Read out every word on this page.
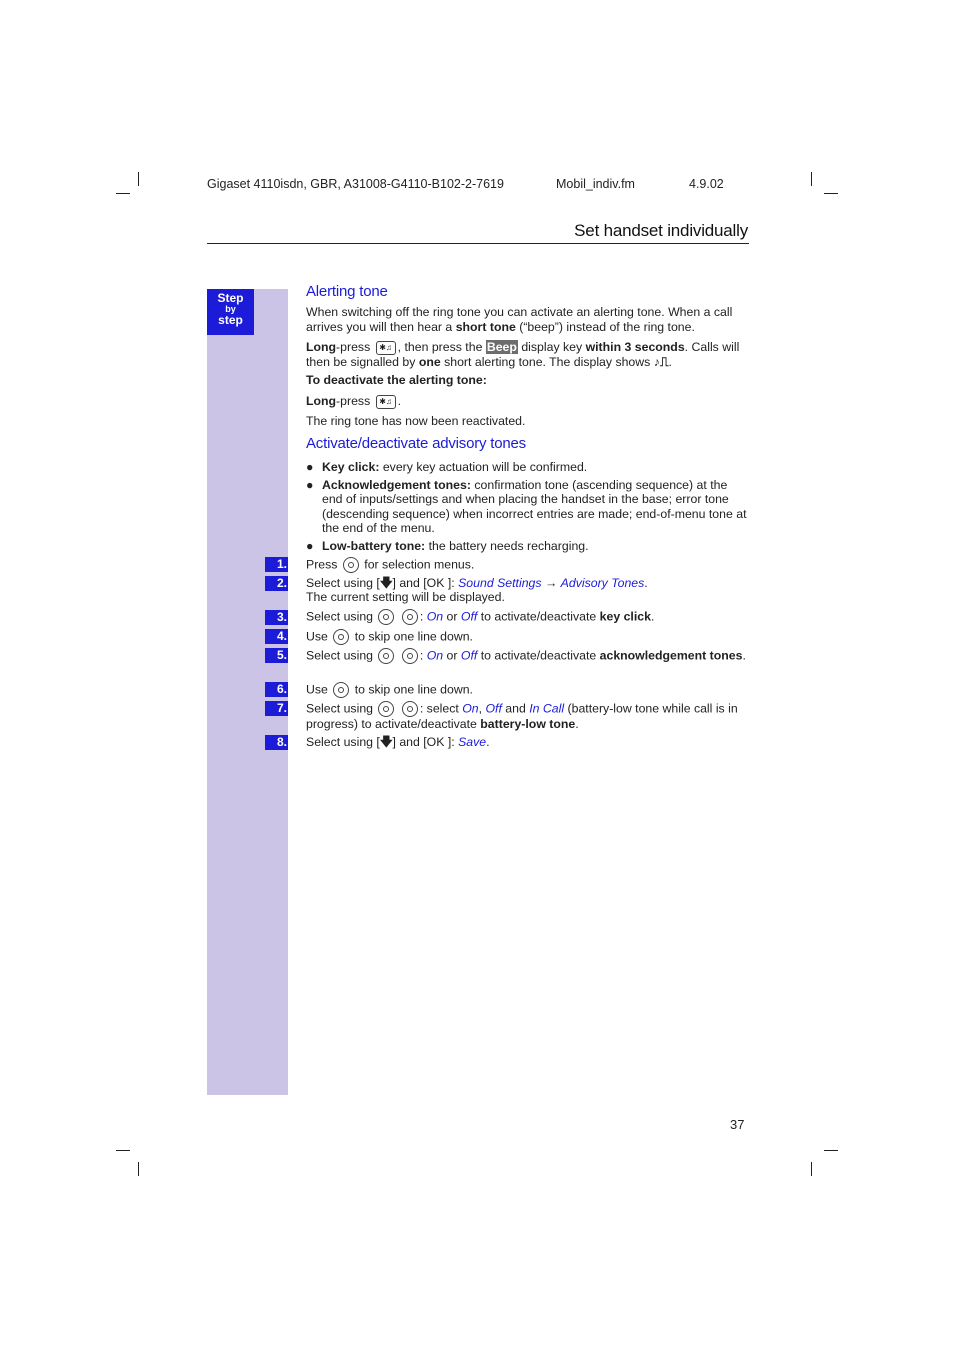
Gigaset 4110isdn, GBR, A31008-G4110-B102-2-7619	Mobil_indiv.fm	4.9.02
Set handset individually
Step
by
step
Alerting tone
When switching off the ring tone you can activate an alerting tone. When a call arrives you will then hear a short tone (“beep”) instead of the ring tone.
Long-press ✱♫ , then press the Beep display key within 3 seconds. Calls will then be signalled by one short alerting tone. The display shows ♪⎍.
To deactivate the alerting tone:
Long-press ✱♫ .
The ring tone has now been reactivated.
Activate/deactivate advisory tones
● Key click: every key actuation will be confirmed.
● Acknowledgement tones: confirmation tone (ascending sequence) at the end of inputs/settings and when placing the handset in the base; error tone (descending sequence) when incorrect entries are made; end-of-menu tone at the end of the menu.
● Low-battery tone: the battery needs recharging.
1.
2.
3.
4.
5.
6.
7.
8.
Press  for selection menus.
Select using [🡇] and [OK ]: Sound Settings → Advisory Tones.
The current setting will be displayed.
Select using	: On or Off to activate/deactivate key click.
Use  to skip one line down.
Select using	: On or Off to activate/deactivate acknowledgement tones.
Use  to skip one line down.
Select using	: select On, Off and In Call (battery-low tone while call is in progress) to activate/deactivate battery-low tone.
Select using [🡇] and [OK ]: Save.
37
